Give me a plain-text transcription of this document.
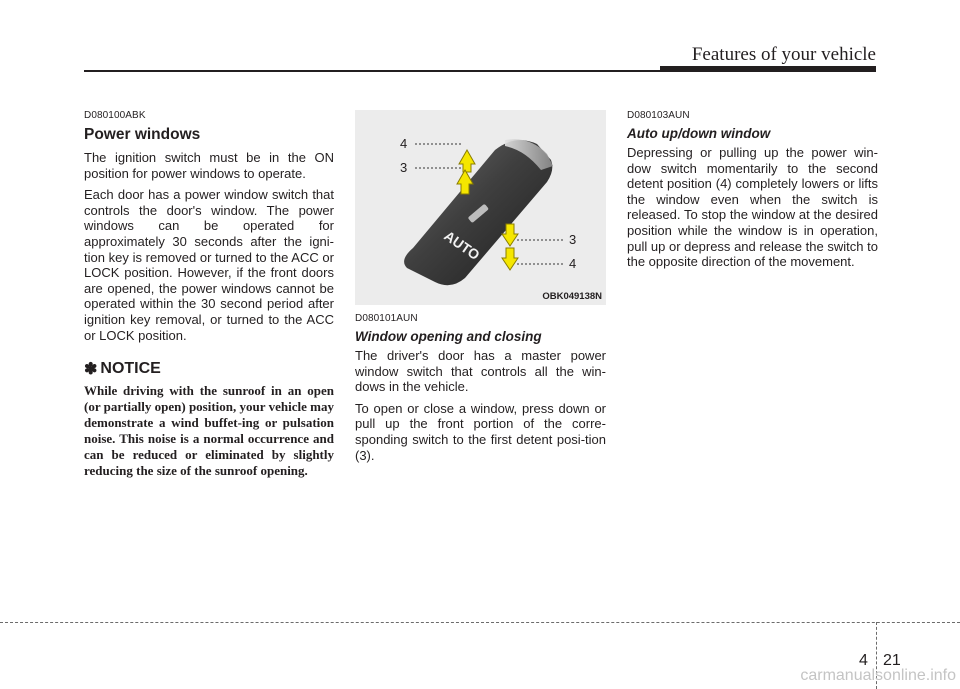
Features of your vehicle
D080100ABK
Power windows

The ignition switch must be in the ON position for power windows to operate.

Each door has a power window switch that controls the door's window. The power windows can be operated for approximately 30 seconds after the igni-tion key is removed or turned to the ACC or LOCK position. However, if the front doors are opened, the power windows cannot be operated within the 30 second period after ignition key removal, or turned to the ACC or LOCK position.

✽ NOTICE

While driving with the sunroof in an open (or partially open) position, your vehicle may demonstrate a wind buffet-ing or pulsation noise. This noise is a normal occurrence and can be reduced or eliminated by slightly reducing the size of the sunroof opening.

AUTO
4
3
3
4
OBK049138N
D080101AUN
Window opening and closing

The driver's door has a master power window switch that controls all the win-dows in the vehicle.

To open or close a window, press down or pull up the front portion of the corre-sponding switch to the first detent posi-tion (3).

D080103AUN
Auto up/down window

Depressing or pulling up the power win-dow switch momentarily to the second detent position (4) completely lowers or lifts the window even when the switch is released. To stop the window at the desired position while the window is in operation, pull up or depress and release the switch to the opposite direction of the movement.

4 21
carmanualsonline.info
